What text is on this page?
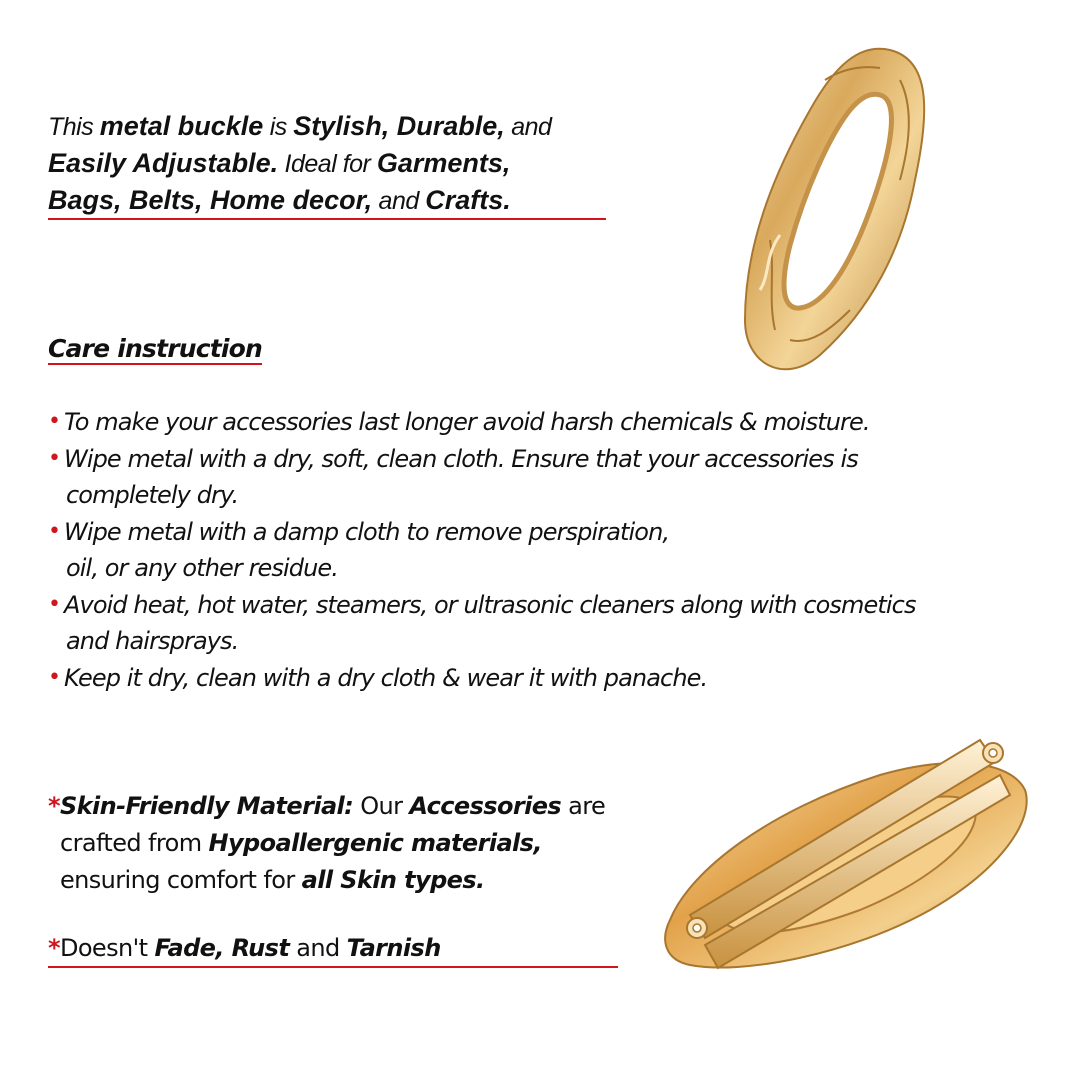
This metal buckle is Stylish, Durable, and
Easily Adjustable. Ideal for Garments,
Bags, Belts, Home decor, and Crafts.
Care instruction
• To make your accessories last longer avoid harsh chemicals & moisture.
• Wipe metal with a dry, soft, clean cloth. Ensure that your accessories is
completely dry.
• Wipe metal with a damp cloth to remove perspiration,
oil, or any other residue.
• Avoid heat, hot water, steamers, or ultrasonic cleaners along with cosmetics
and hairsprays.
• Keep it dry, clean with a dry cloth & wear it with panache.
*Skin-Friendly Material: Our Accessories are
crafted from Hypoallergenic materials,
ensuring comfort for all Skin types.
*Doesn't Fade, Rust and Tarnish
